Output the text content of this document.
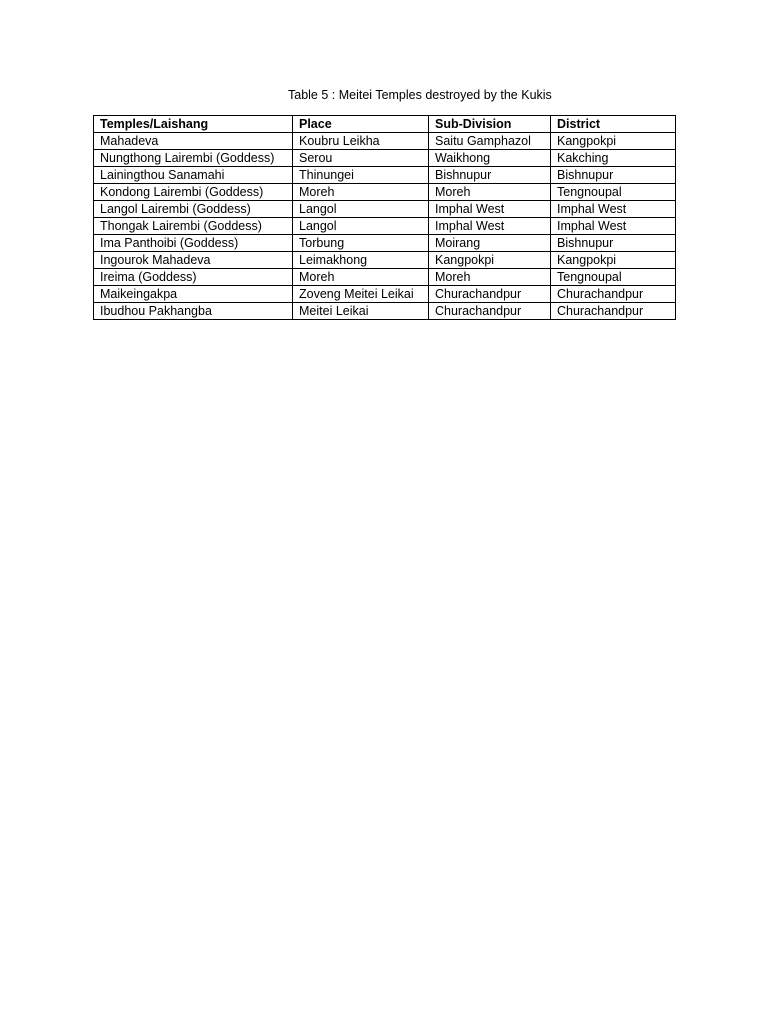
Table 5 : Meitei Temples destroyed by the Kukis
Temples/Laishang	Place	Sub-Division	District
Mahadeva	Koubru Leikha	Saitu Gamphazol	Kangpokpi
Nungthong Lairembi (Goddess)	Serou	Waikhong	Kakching
Lainingthou Sanamahi	Thinungei	Bishnupur	Bishnupur
Kondong Lairembi (Goddess)	Moreh	Moreh	Tengnoupal
Langol Lairembi (Goddess)	Langol	Imphal West	Imphal West
Thongak Lairembi (Goddess)	Langol	Imphal West	Imphal West
Ima Panthoibi (Goddess)	Torbung	Moirang	Bishnupur
Ingourok Mahadeva	Leimakhong	Kangpokpi	Kangpokpi
Ireima (Goddess)	Moreh	Moreh	Tengnoupal
Maikeingakpa	Zoveng Meitei Leikai	Churachandpur	Churachandpur
Ibudhou Pakhangba	Meitei Leikai	Churachandpur	Churachandpur
